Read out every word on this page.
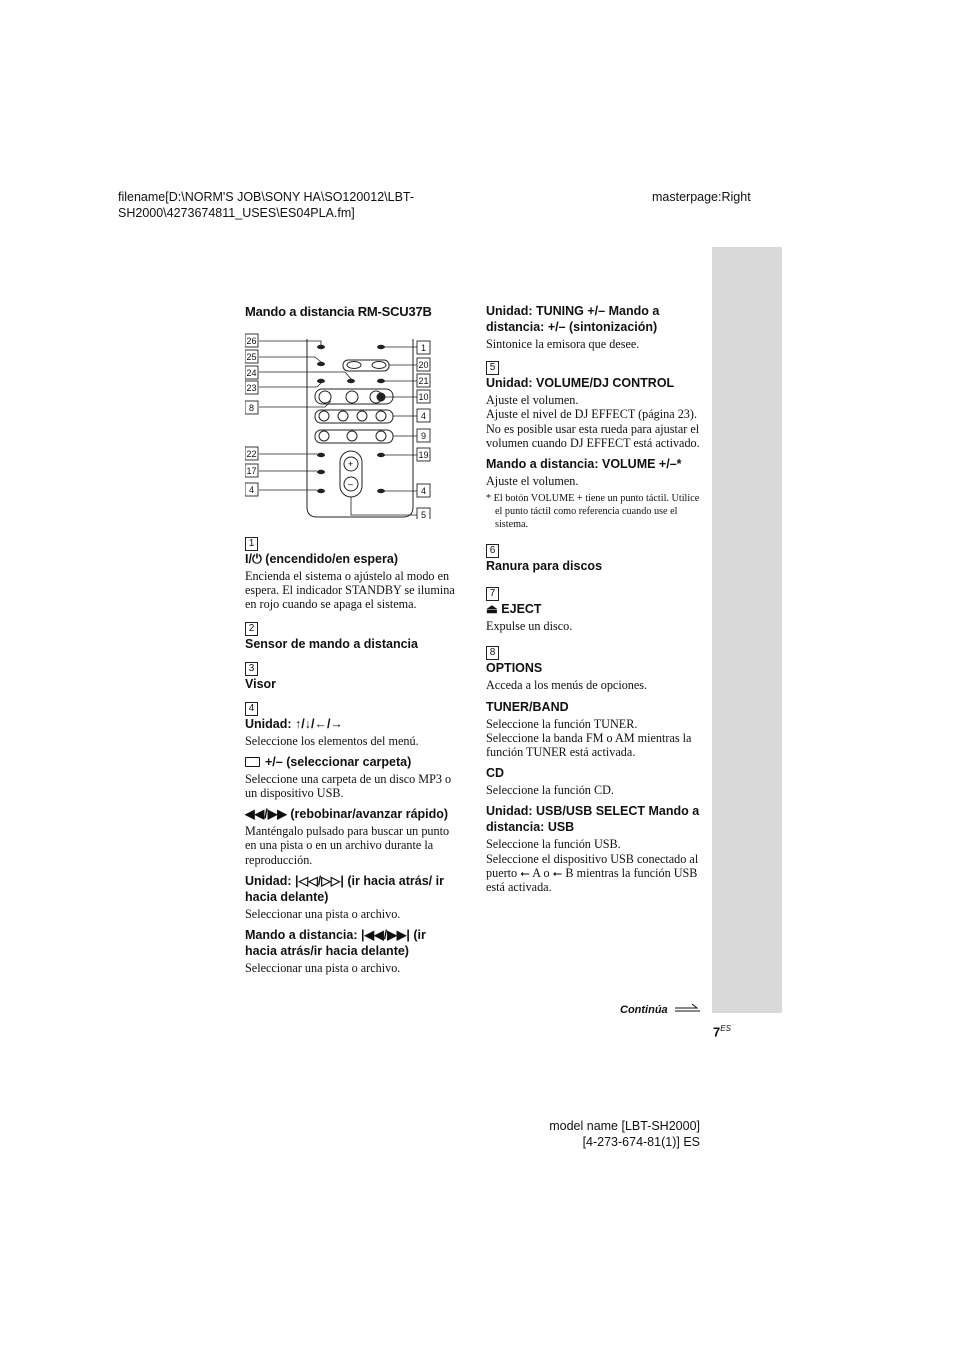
filename[D:\NORM'S JOB\SONY HA\SO120012\LBT-SH2000\4273674811_USES\ES04PLA.fm]
masterpage:Right

Mando a distancia RM-SCU37B

+
–
26
25
24
23
8
22
17
4
1
20
21
10
4
9
19
4
5
1

I/⏻ (encendido/en espera)

Encienda el sistema o ajústelo al modo en espera. El indicador STANDBY se ilumina en rojo cuando se apaga el sistema.

2

Sensor de mando a distancia

3

Visor

4

Unidad: ↑/↓/←/→

Seleccione los elementos del menú.

+/– (seleccionar carpeta)

Seleccione una carpeta de un disco MP3 o un dispositivo USB.

◀◀/▶▶ (rebobinar/avanzar rápido)

Manténgalo pulsado para buscar un punto en una pista o en un archivo durante la reproducción.

Unidad: |◁◁/▷▷| (ir hacia atrás/ ir hacia delante)

Seleccionar una pista o archivo.

Mando a distancia: |◀◀/▶▶| (ir hacia atrás/ir hacia delante)

Seleccionar una pista o archivo.

Unidad: TUNING +/– Mando a distancia: +/– (sintonización)

Sintonice la emisora que desee.

5

Unidad: VOLUME/DJ CONTROL

Ajuste el volumen.

Ajuste el nivel de DJ EFFECT (página 23).

No es posible usar esta rueda para ajustar el volumen cuando DJ EFFECT está activado.

Mando a distancia: VOLUME +/–*

Ajuste el volumen.

* El botón VOLUME + tiene un punto táctil. Utilice el punto táctil como referencia cuando use el sistema.

6

Ranura para discos

7

⏏ EJECT

Expulse un disco.

8

OPTIONS

Acceda a los menús de opciones.

TUNER/BAND

Seleccione la función TUNER.

Seleccione la banda FM o AM mientras la función TUNER está activada.

CD

Seleccione la función CD.

Unidad: USB/USB SELECT Mando a distancia: USB

Seleccione la función USB.

Seleccione el dispositivo USB conectado al puerto ⭠ A o ⭠ B mientras la función USB está activada.

Continúa
$7^{ES}$
model name [LBT-SH2000]
[4-273-674-81(1)] ES
